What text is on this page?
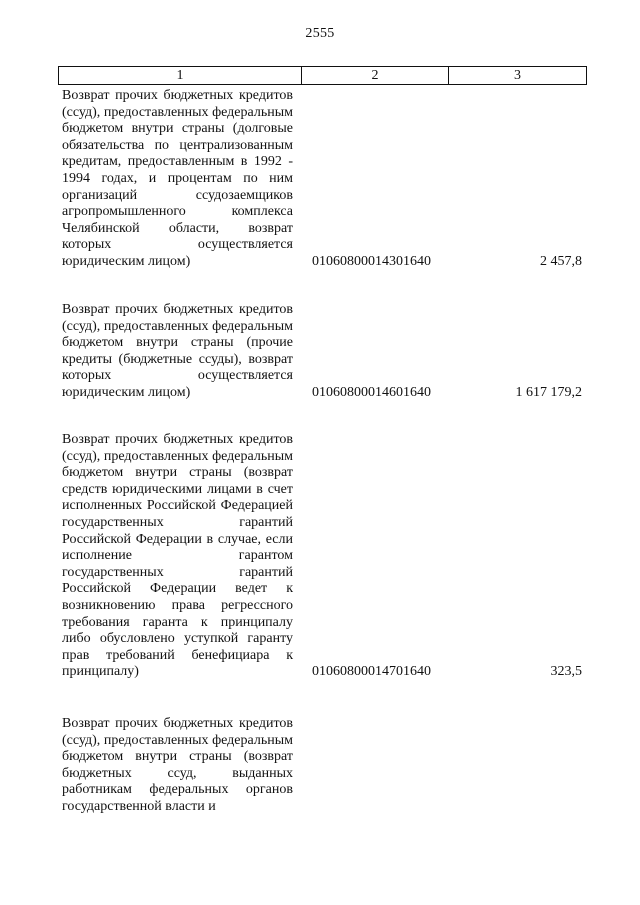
2555
1	2	3

Возврат прочих бюджетных кредитов (ссуд), предоставленных федеральным бюджетом внутри страны (долговые обязательства по централизованным кредитам, предоставленным в 1992 - 1994 годах, и процентам по ним организаций ссудозаемщиков агропромышленного комплекса Челябинской области, возврат которых осуществляется юридическим лицом)	01060800014301640	2 457,8

Возврат прочих бюджетных кредитов (ссуд), предоставленных федеральным бюджетом внутри страны (прочие кредиты (бюджетные ссуды), возврат которых осуществляется юридическим лицом)	01060800014601640	1 617 179,2

Возврат прочих бюджетных кредитов (ссуд), предоставленных федеральным бюджетом внутри страны (возврат средств юридическими лицами в счет исполненных Российской Федерацией государственных гарантий Российской Федерации в случае, если исполнение гарантом государственных гарантий Российской Федерации ведет к возникновению права регрессного требования гаранта к принципалу либо обусловлено уступкой гаранту прав требований бенефициара к принципалу)	01060800014701640	323,5

Возврат прочих бюджетных кредитов (ссуд), предоставленных федеральным бюджетом внутри страны (возврат бюджетных ссуд, выданных работникам федеральных органов государственной власти и
